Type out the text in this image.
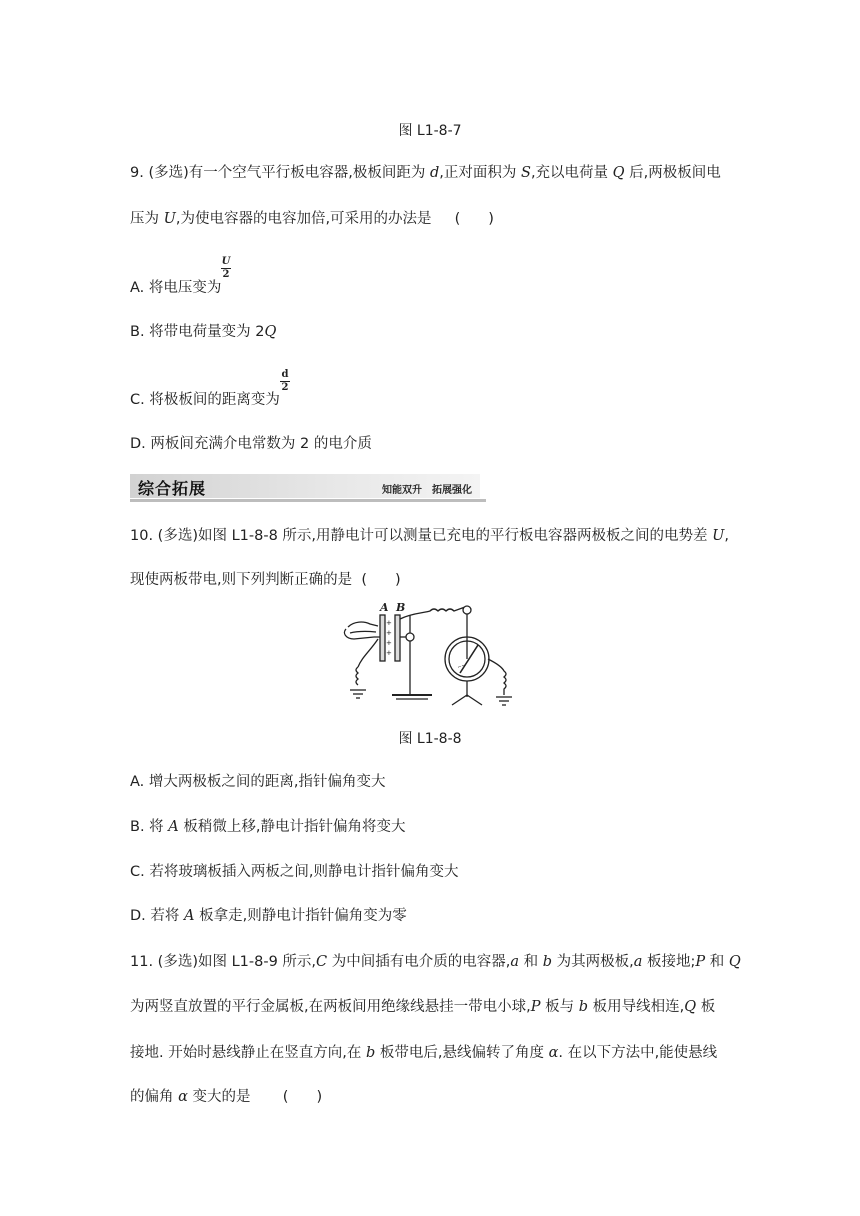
图 L1-8-7
9. (多选)有一个空气平行板电容器,极板间距为 d,正对面积为 S,充以电荷量 Q 后,两极板间电
压为 U,为使电容器的电容加倍,可采用的办法是 ( )
A. 将电压变为
U
2
B. 将带电荷量变为 2Q
C. 将极板间的距离变为
d
2
D. 两板间充满介电常数为 2 的电介质
综合拓展	知能双升　拓展强化
10. (多选)如图 L1-8-8 所示,用静电计可以测量已充电的平行板电容器两极板之间的电势差 U,
现使两板带电,则下列判断正确的是 ( )
+
+
+
+
~~
A B
图 L1-8-8
A. 增大两极板之间的距离,指针偏角变大
B. 将 A 板稍微上移,静电计指针偏角将变大
C. 若将玻璃板插入两板之间,则静电计指针偏角变大
D. 若将 A 板拿走,则静电计指针偏角变为零
11. (多选)如图 L1-8-9 所示,C 为中间插有电介质的电容器,a 和 b 为其两极板,a 板接地;P 和 Q
为两竖直放置的平行金属板,在两板间用绝缘线悬挂一带电小球,P 板与 b 板用导线相连,Q 板
接地. 开始时悬线静止在竖直方向,在 b 板带电后,悬线偏转了角度 α. 在以下方法中,能使悬线
的偏角 α 变大的是 ( )
